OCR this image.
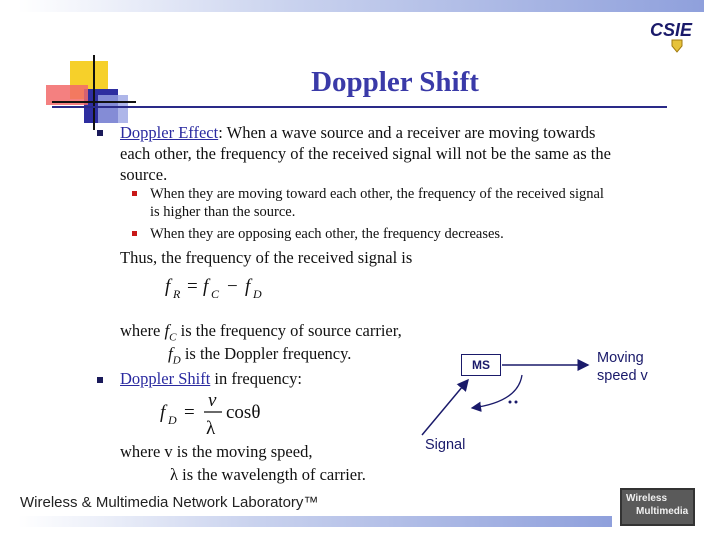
CSIE
Doppler Shift
Doppler Effect: When a wave source and a receiver are moving towards
each other, the frequency of the received signal will not be the same as the
source.
When they are moving toward each other, the frequency of the received signal
is higher than the source.
When they are opposing each other, the frequency decreases.
Thus, the frequency of the received signal is
f R = f C − f D
where $f_C$ is the frequency of source carrier,
$f_D$ is the Doppler frequency.
Doppler Shift in frequency:
f D =
v
λ
cosθ
where v is the moving speed,
λ is the wavelength of carrier.
MS	Moving
speed v
Signal
Wireless & Multimedia Network Laboratory™	Wireless
Multimedia
